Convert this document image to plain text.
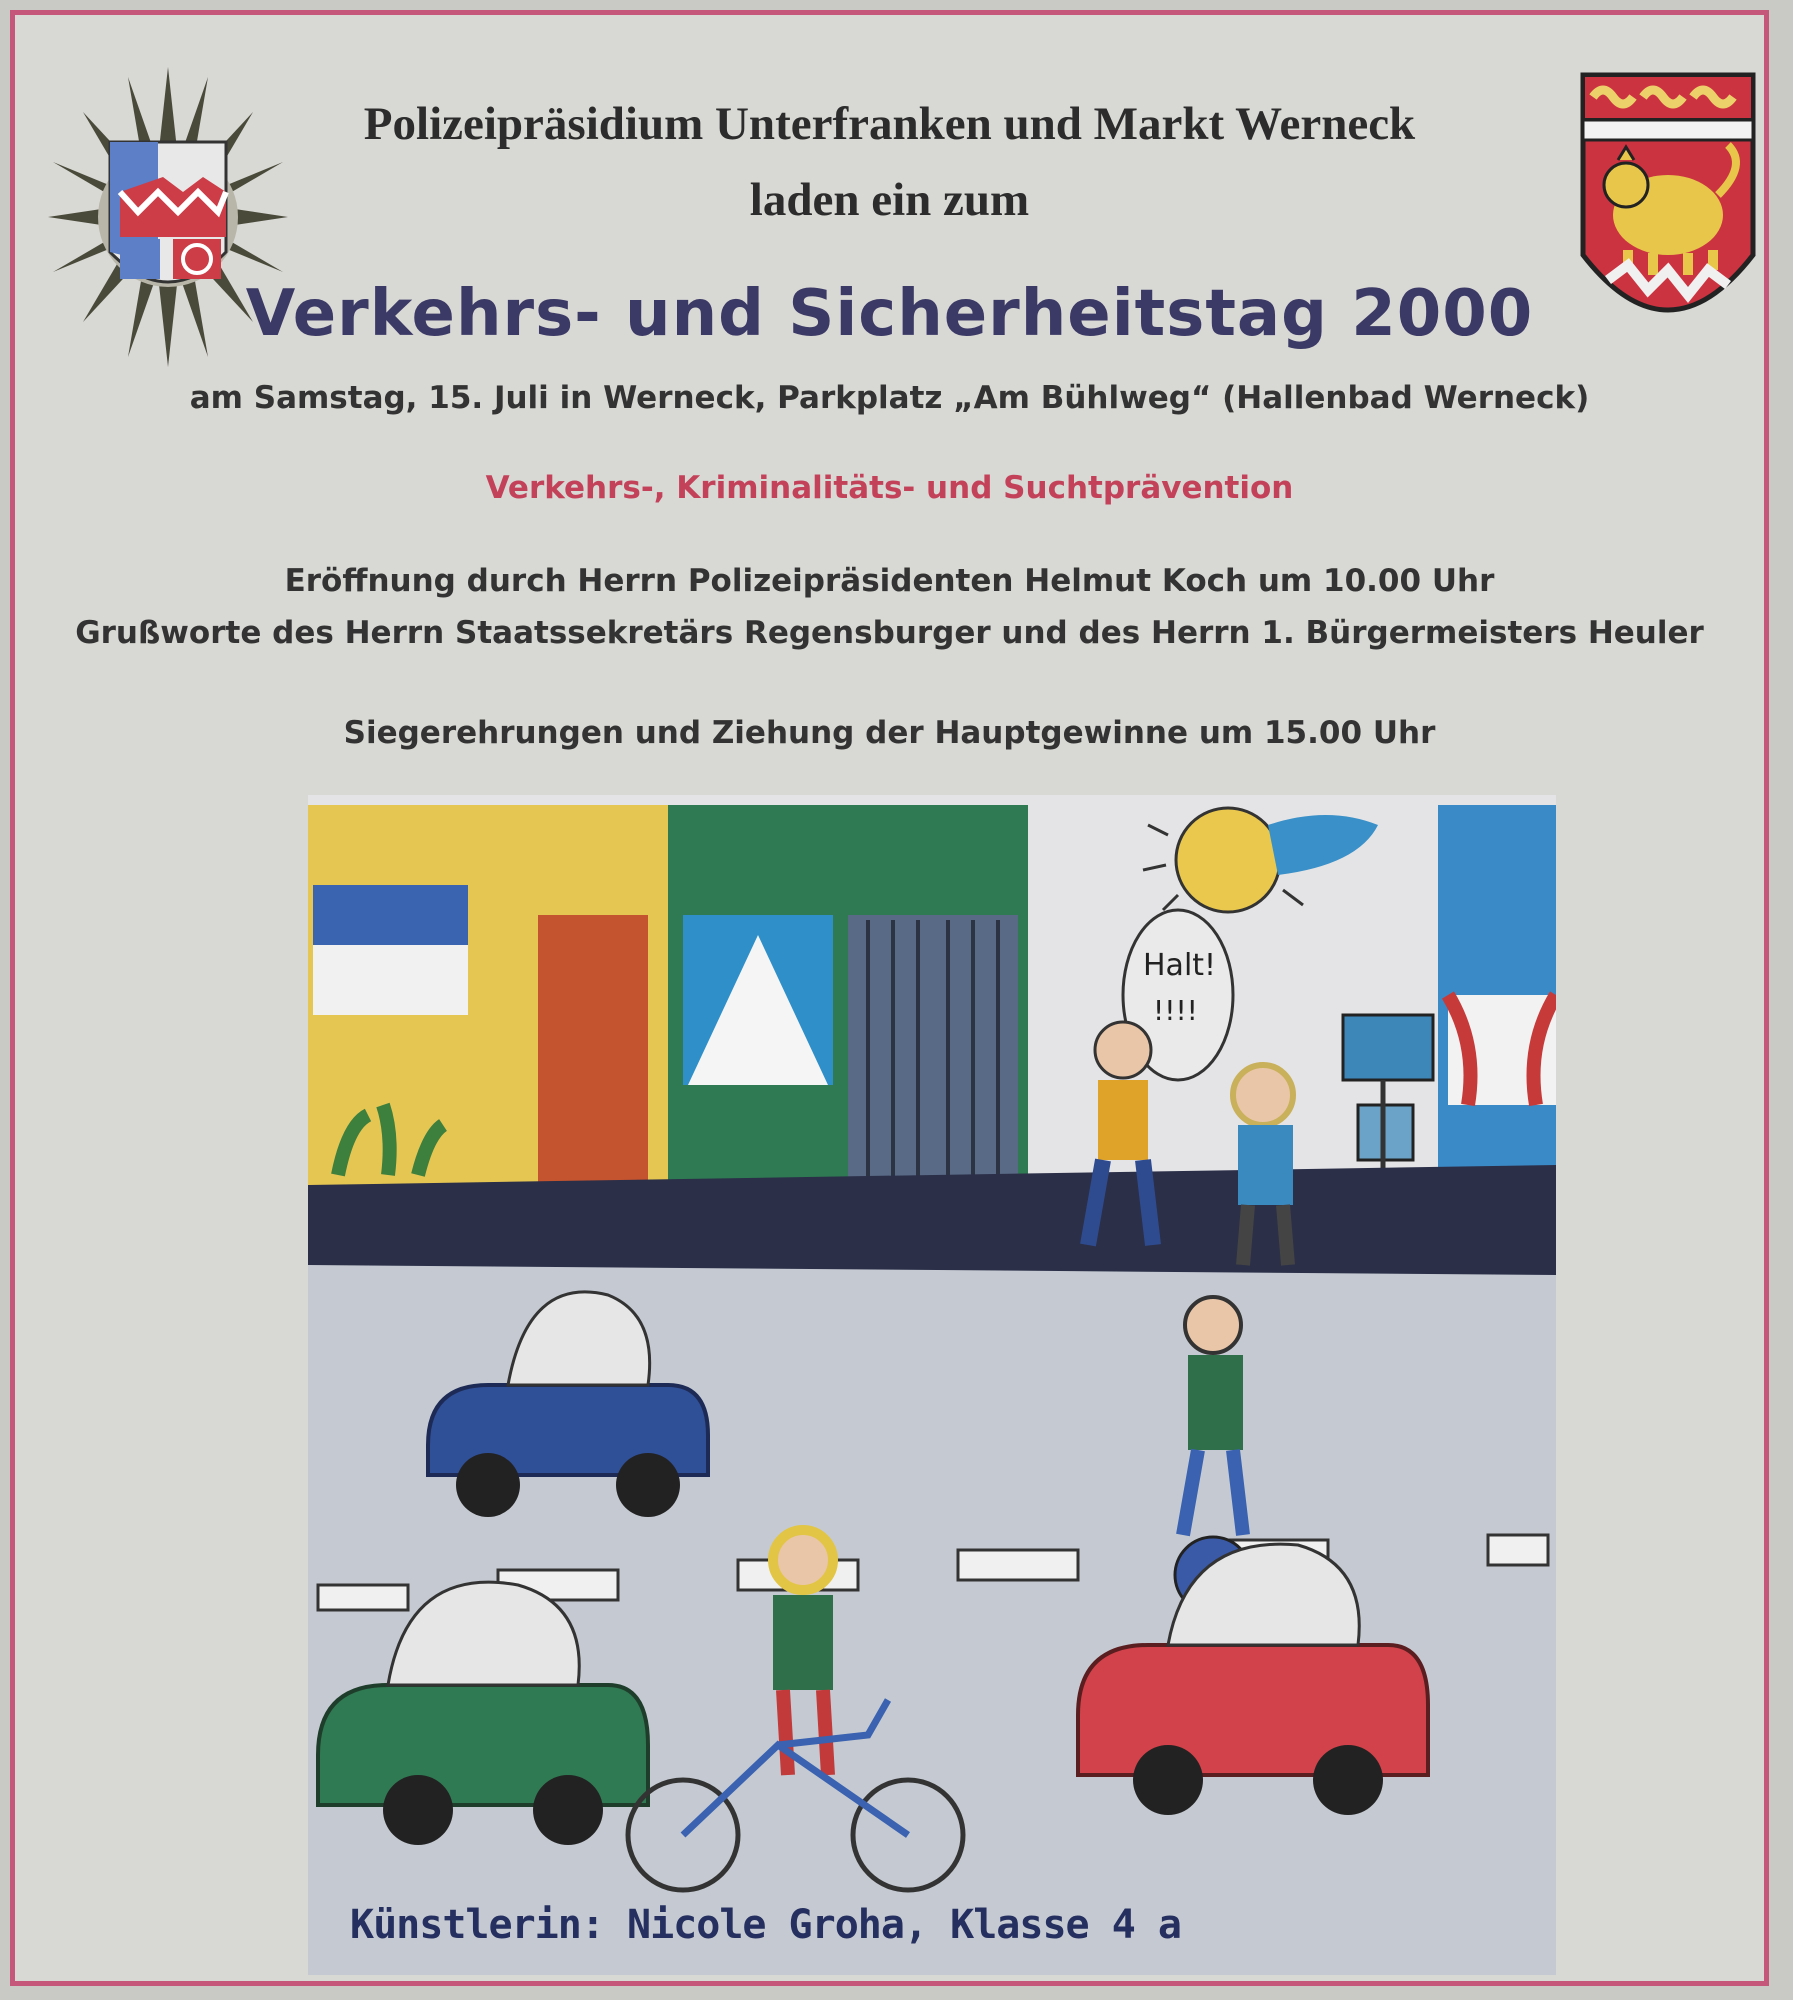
Polizeipräsidium Unterfranken und Markt Werneck
laden ein zum
Verkehrs- und Sicherheitstag 2000
am Samstag, 15. Juli in Werneck, Parkplatz „Am Bühlweg“ (Hallenbad Werneck)
Verkehrs-, Kriminalitäts- und Suchtprävention
Eröffnung durch Herrn Polizeipräsidenten Helmut Koch um 10.00 Uhr
Grußworte des Herrn Staatssekretärs Regensburger und des Herrn 1. Bürgermeisters Heuler
Siegerehrungen und Ziehung der Hauptgewinne um 15.00 Uhr
Halt!
!!!!
Künstlerin: Nicole Groha, Klasse 4 a
